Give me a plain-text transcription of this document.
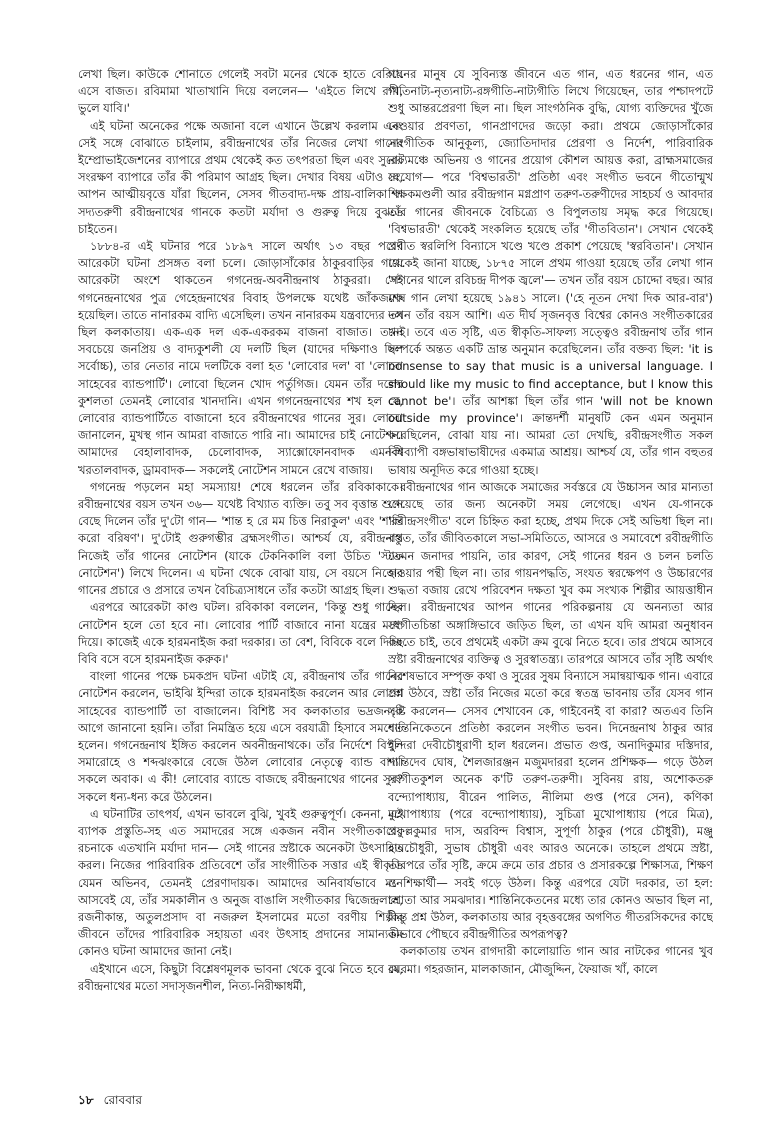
লেখা ছিল। কাউকে শোনাতে গেলেই সবটা মনের থেকে হাতে বেরিয়ে এসে বাজত। রবিমামা খাতাখানি দিয়ে বললেন— 'এইতে লিখে রাখ, ভুলে যাবি।'

এই ঘটনা অনেকের পক্ষে অজানা বলে এখানে উল্লেখ করলাম এবং সেই সঙ্গে বোঝাতে চাইলাম, রবীন্দ্রনাথের তাঁর নিজের লেখা গানের ইম্প্রোভাইজেশনের ব্যাপারে প্রথম থেকেই কত তৎপরতা ছিল এবং সুরের সংরক্ষণ ব্যাপারে তাঁর কী পরিমাণ আগ্রহ ছিল। দেখার বিষয় এটাও যে, আপন আত্মীয়বৃত্তে যাঁরা ছিলেন, সেসব গীতবাদ্য-দক্ষ প্রায়-বালিকা বা সদ্যতরুণী রবীন্দ্রনাথের গানকে কতটা মর্যাদা ও গুরুত্ব দিয়ে বুঝতে চাইতেন।

১৮৮৪-র এই ঘটনার পরে ১৮৯৭ সালে অর্থাৎ ১৩ বছর পরের আরেকটা ঘটনা প্রসঙ্গত বলা চলে। জোড়াসাঁকোর ঠাকুরবাড়ির গায়ে আরেকটা অংশে থাকতেন গগনেন্দ্র-অবনীন্দ্রনাথ ঠাকুররা। সেই গগনেন্দ্রনাথের পুত্র গেহেন্দ্রনাথের বিবাহ উপলক্ষে যথেষ্ট জাঁকজমক হয়েছিল। তাতে নানারকম বাদ্যি এসেছিল। তখন নানারকম যন্ত্রবাদ্যের দল ছিল কলকাতায়। এক-এক দল এক-একরকম বাজনা বাজাত। তখন সবচেয়ে জনপ্রিয় ও বাদ্যকুশলী যে দলটি ছিল (যাদের দক্ষিণাও ছিল সর্বোচ্চ), তার নেতার নামে দলটিকে বলা হত 'লোবোর দল' বা 'লোবো সাহেবের ব্যান্ডপার্টি'। লোবো ছিলেন খোদ পর্তুগিজ। যেমন তাঁর দলের কুশলতা তেমনই লোবোর খানদানি। এখন গগনেন্দ্রনাথের শখ হল যে, লোবোর ব্যান্ডপার্টিতে বাজানো হবে রবীন্দ্রনাথের গানের সুর। লোবো জানালেন, মুখস্থ গান আমরা বাজাতে পারি না। আমাদের চাই নোটেশন। আমাদের বেহালাবাদক, চেলোবাদক, স্যাক্সোফোনবাদক এমনকী খরতালবাদক, ড্রামবাদক— সকলেই নোটেশন সামনে রেখে বাজায়।

গগনেন্দ্র পড়লেন মহা সমস্যায়! শেষে ধরলেন তাঁর রবিকাকাকে। রবীন্দ্রনাথের বয়স তখন ৩৬— যথেষ্ট বিখ্যাত ব্যক্তি। তবু সব বৃত্তান্ত শুনে বেছে দিলেন তাঁর দু'টো গান— 'শান্ত হ রে মম চিত্ত নিরাকুল' এবং 'শান্তি করো বরিষণ'। দু'টোই গুরুগম্ভীর ব্রহ্মসংগীত। আশ্চর্য যে, রবীন্দ্রনাথ নিজেই তাঁর গানের নোটেশন (যাকে টেকনিকালি বলা উচিত 'স্টাফ নোটেশন') লিখে দিলেন। এ ঘটনা থেকে বোঝা যায়, সে বয়সে নিজের গানের প্রচারে ও প্রসারে তখন বৈচিত্র্যসাধনে তাঁর কতটা আগ্রহ ছিল।

এরপরে আরেকটা কাণ্ড ঘটল। রবিকাকা বললেন, 'কিন্তু শুধু গানের নোটেশন হলে তো হবে না। লোবোর পার্টি বাজাবে নানা যন্ত্রের মধ্যে দিয়ে। কাজেই একে হারমনাইজ করা দরকার। তা বেশ, বিবিকে বলে দিচ্ছি বিবি বসে বসে হারমনাইজ করুক।'

বাংলা গানের পক্ষে চমকপ্রদ ঘটনা এটাই যে, রবীন্দ্রনাথ তাঁর গানের নোটেশন করলেন, ভাইঝি ইন্দিরা তাকে হারমনাইজ করলেন আর লোবো সাহেবের ব্যান্ডপার্টি তা বাজালেন। বিশিষ্ট সব কলকাতার ভদ্রজনকে আগে জানানো হয়নি। তাঁরা নিমন্ত্রিত হয়ে এসে বরযাত্রী হিসাবে সমবেত হলেন। গগনেন্দ্রনাথ ইঙ্গিত করলেন অবনীন্দ্রনাথকে। তাঁর নির্দেশে বিপুল সমারোহে ও শব্দঝংকারে বেজে উঠল লোবোর নেতৃত্বে ব্যান্ড বাদ্য। সকলে অবাক। এ কী! লোবোর ব্যান্ডে বাজছে রবীন্দ্রনাথের গানের সুর? সকলে ধন্য-ধন্য করে উঠলেন।

এ ঘটনাটির তাৎপর্য, এখন ভাবলে বুঝি, খুবই গুরুত্বপূর্ণ। কেননা, এই ব্যাপক প্রস্তুতি-সহ এত সমাদরের সঙ্গে একজন নবীন সংগীতকারের রচনাকে এতখানি মর্যাদা দান— সেই গানের স্রষ্টাকে অনেকটা উৎসাহিত করল। নিজের পারিবারিক প্রতিবেশে তাঁর সাংগীতিক সত্তার এই স্বীকৃতি যেমন অভিনব, তেমনই প্রেরণাদায়ক। আমাদের অনিবার্যভাবে মনে আসবেই যে, তাঁর সমকালীন ও অনুজ বাঙালি সংগীতকার দ্বিজেন্দ্রলাল, রজনীকান্ত, অতুলপ্রসাদ বা নজরুল ইসলামের মতো বরণীয় শিল্পীর জীবনে তাঁদের পারিবারিক সহায়তা এবং উৎসাহ প্রদানের সামান্যতম কোনও ঘটনা আমাদের জানা নেই।

এইখানে এসে, কিছুটা বিশ্লেষণমূলক ভাবনা থেকে বুঝে নিতে হবে যে, রবীন্দ্রনাথের মতো সদাসৃজনশীল, নিত্য-নিরীক্ষাধর্মী,

গানের মানুষ যে সুবিন্যস্ত জীবনে এত গান, এত ধরনের গান, এত গীতিনাট্য-নৃত্যনাট্য-রঙ্গগীতি-নাট্যগীতি লিখে গিয়েছেন, তার পশ্চাদপটে শুধু আন্তরপ্রেরণা ছিল না। ছিল সাংগঠনিক বুদ্ধি, যোগ্য ব্যক্তিদের খুঁজে নেওয়ার প্রবণতা, গানপ্রাণদের জড়ো করা। প্রথমে জোড়াসাঁকোর সাংগীতিক আনুকূল্য, জ্যোতিদাদার প্রেরণা ও নির্দেশ, পারিবারিক নাট্যমঞ্চে অভিনয় ও গানের প্রয়োগ কৌশল আয়ত্ত করা, ব্রাহ্মসমাজের সংযোগ— পরে 'বিশ্বভারতী' প্রতিষ্ঠা এবং সংগীত ভবনে গীতোন্মুখ শিক্ষকমণ্ডলী আর রবীন্দ্রগান মগ্নপ্রাণ তরুণ-তরুণীদের সাহচর্য ও আবদার তাঁর গানের জীবনকে বৈচিত্র্যে ও বিপুলতায় সমৃদ্ধ করে গিয়েছে। 'বিশ্বভারতী' থেকেই সংকলিত হয়েছে তাঁর 'গীতবিতান'। সেখান থেকেই প্রণীত স্বরলিপি বিন্যাসে খণ্ডে খণ্ডে প্রকাশ পেয়েছে 'স্বরবিতান'। সেখান থেকেই জানা যাচ্ছে, ১৮৭৫ সালে প্রথম গাওয়া হয়েছে তাঁর লেখা গান 'গগনের থালে রবিচন্দ্র দীপক জ্বলে'— তখন তাঁর বয়স চোদ্দো বছর। আর শেষ গান লেখা হয়েছে ১৯৪১ সালে। ('হে নূতন দেখা দিক আর-বার') তখন তাঁর বয়স আশি। এত দীর্ঘ সৃজনবৃত্ত বিশ্বের কোনও সংগীতকারের নেই। তবে এত সৃষ্টি, এত স্বীকৃতি-সাফল্য সত্ত্বেও রবীন্দ্রনাথ তাঁর গান সম্পর্কে অন্তত একটি ভ্রান্ত অনুমান করেছিলেন। তাঁর বক্তব্য ছিল: 'it is nonsense to say that music is a universal language. I should like my music to find acceptance, but I know this cannot be'। তাঁর আশঙ্কা ছিল তাঁর গান 'will not be known outside my province'। ক্রান্তদর্শী মানুষটি কেন এমন অনুমান করেছিলেন, বোঝা যায় না। আমরা তো দেখছি, রবীন্দ্রসংগীত সকল বিশ্বব্যাপী বঙ্গভাষাভাষীদের একমাত্র আশ্রয়। আশ্চর্য যে, তাঁর গান বহুতর ভাষায় অনূদিত করে গাওয়া হচ্ছে।

রবীন্দ্রনাথের গান আজকে সমাজের সর্বস্তরে যে উচ্চাসন আর মান্যতা পেয়েছে তার জন্য অনেকটা সময় লেগেছে। এখন যে-গানকে 'রবীন্দ্রসংগীত' বলে চিহ্নিত করা হচ্ছে, প্রথম দিকে সেই অভিধা ছিল না। বস্তুত, তাঁর জীবিতকালে সভা-সমিতিতে, আসরে ও সমাবেশে রবীন্দ্রগীতি তেমন জনাদর পায়নি, তার কারণ, সেই গানের ধরন ও চলন চলতি হাওয়ার পন্থী ছিল না। তার গায়নপদ্ধতি, সংযত স্বরক্ষেপণ ও উচ্চারণের শুদ্ধতা বজায় রেখে পরিবেশন দক্ষতা খুব কম সংখ্যক শিল্পীর আয়ত্তাধীন ছিল। রবীন্দ্রনাথের আপন গানের পরিকল্পনায় যে অনন্যতা আর সংগীতচিন্তা অঙ্গাঙ্গিভাবে জড়িত ছিল, তা এখন যদি আমরা অনুধাবন করতে চাই, তবে প্রথমেই একটা ক্রম বুঝে নিতে হবে। তার প্রথমে আসবে স্রষ্টা রবীন্দ্রনাথের ব্যক্তিত্ব ও সুরস্বাতন্ত্র্য। তারপরে আসবে তাঁর সৃষ্টি অর্থাৎ বিশেষভাবে সম্পৃক্ত কথা ও সুরের সুষম বিন্যাসে সমান্বয়াত্মক গান। এবারে প্রশ্ন উঠবে, স্রষ্টা তাঁর নিজের মতো করে স্বতন্ত্র ভাবনায় তাঁর যেসব গান সৃষ্টি করলেন— সেসব শেখাবেন কে, গাইবেনই বা কারা? অতএব তিনি শান্তিনিকেতনে প্রতিষ্ঠা করলেন সংগীত ভবন। দিনেন্দ্রনাথ ঠাকুর আর ইন্দিরা দেবীচৌধুরাণী হাল ধরলেন। প্রভাত গুপ্ত, অনাদিকুমার দস্তিদার, শান্তিদেব ঘোষ, শৈলজারঞ্জন মজুমদাররা হলেন প্রশিক্ষক— গড়ে উঠল সংগীতকুশল অনেক ক'টি তরুণ-তরুণী। সুবিনয় রায়, অশোকতরু বন্দ্যোপাধ্যায়, বীরেন পালিত, নীলিমা গুপ্ত (পরে সেন), কণিকা মুখোপাধ্যায় (পরে বন্দ্যোপাধ্যায়), সুচিত্রা মুখোপাধ্যায় (পরে মিত্র), প্রফুল্লকুমার দাস, অরবিন্দ বিশ্বাস, সুপূর্ণা ঠাকুর (পরে চৌধুরী), মঞ্জু রায়চৌধুরী, সুভাষ চৌধুরী এবং আরও অনেকে। তাহলে প্রথমে স্রষ্টা, তারপরে তাঁর সৃষ্টি, ক্রমে ক্রমে তার প্রচার ও প্রসারকল্পে শিক্ষাসত্র, শিক্ষণ ও শিক্ষার্থী— সবই গড়ে উঠল। কিন্তু এরপরে যেটা দরকার, তা হল: শ্রোতা আর সমঝদার। শান্তিনিকেতনের মধ্যে তার কোনও অভাব ছিল না, কিন্তু প্রশ্ন উঠল, কলকাতায় আর বৃহত্তবঙ্গের অগণিত গীতরসিকদের কাছে কীভাবে পৌছবে রবীন্দ্রগীতির অপরূপত্ব?

কলকাতায় তখন রাগদারী কালোয়াতি গান আর নাটকের গানের খুব রমরমা। গহরজান, মালকাজান, মৌজুদ্দিন, ফৈয়াজ খাঁ, কালে

১৮ রোববার
